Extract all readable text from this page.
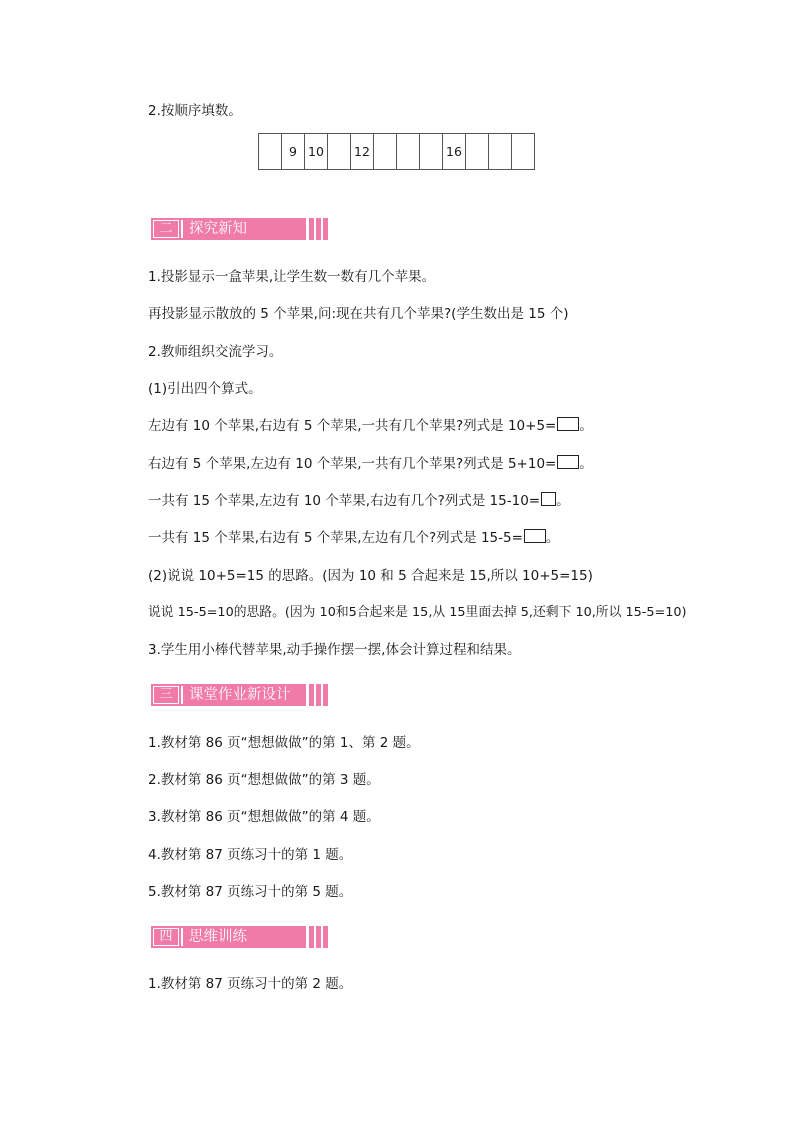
2.按顺序填数。
	9	10		12				16			
二	探究新知
1.投影显示一盒苹果,让学生数一数有几个苹果。
再投影显示散放的 5 个苹果,问:现在共有几个苹果?(学生数出是 15 个)
2.教师组织交流学习。
(1)引出四个算式。
左边有 10 个苹果,右边有 5 个苹果,一共有几个苹果?列式是 10+5= 。
右边有 5 个苹果,左边有 10 个苹果,一共有几个苹果?列式是 5+10= 。
一共有 15 个苹果,左边有 10 个苹果,右边有几个?列式是 15-10= 。
一共有 15 个苹果,右边有 5 个苹果,左边有几个?列式是 15-5= 。
(2)说说 10+5=15 的思路。(因为 10 和 5 合起来是 15,所以 10+5=15)
说说 15-5=10的思路。(因为 10和5合起来是 15,从 15里面去掉 5,还剩下 10,所以 15-5=10)
3.学生用小棒代替苹果,动手操作摆一摆,体会计算过程和结果。
三	课堂作业新设计
1.教材第 86 页“想想做做”的第 1、第 2 题。
2.教材第 86 页“想想做做”的第 3 题。
3.教材第 86 页“想想做做”的第 4 题。
4.教材第 87 页练习十的第 1 题。
5.教材第 87 页练习十的第 5 题。
四	思维训练
1.教材第 87 页练习十的第 2 题。
